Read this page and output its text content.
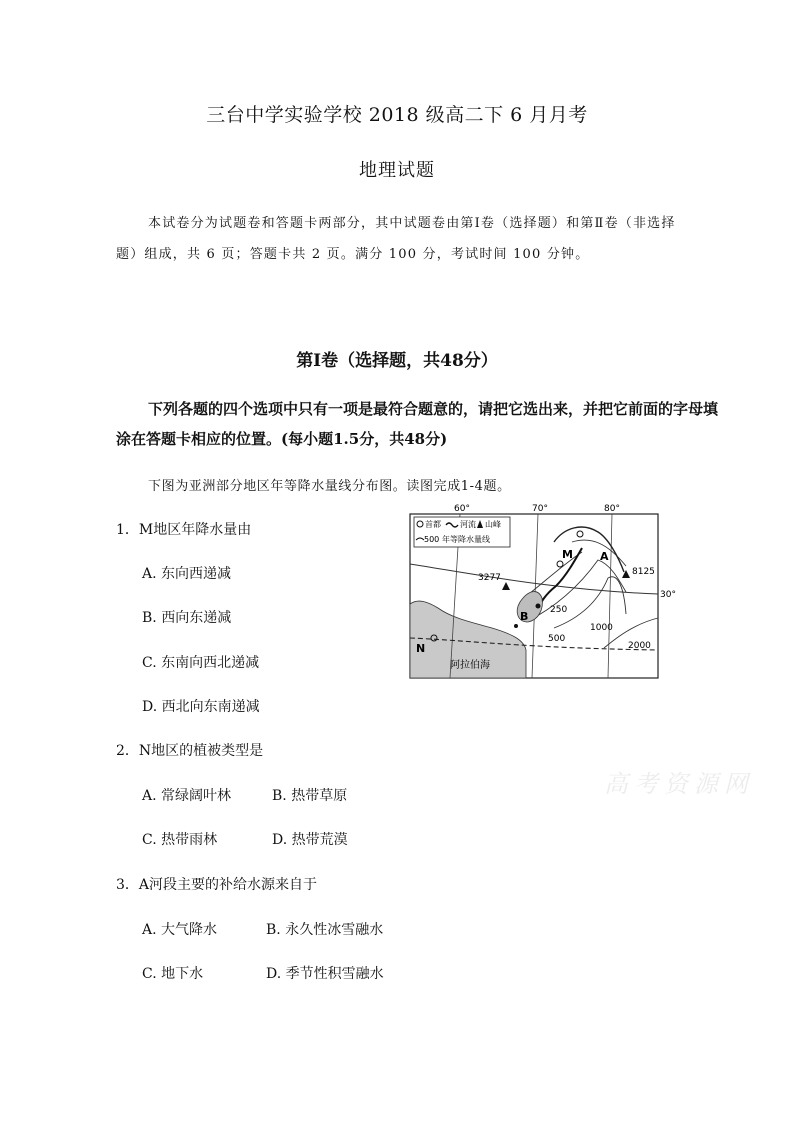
三台中学实验学校 2018 级高二下 6 月月考
地理试题
本试卷分为试题卷和答题卡两部分，其中试题卷由第Ⅰ卷（选择题）和第Ⅱ卷（非选择
题）组成，共 6 页；答题卡共 2 页。满分 100 分，考试时间 100 分钟。
第Ⅰ卷（选择题，共48分）
下列各题的四个选项中只有一项是最符合题意的，请把它选出来，并把它前面的字母填
涂在答题卡相应的位置。(每小题1.5分，共48分)
下图为亚洲部分地区年等降水量线分布图。读图完成1-4题。
1．M地区年降水量由
A. 东向西递减
B. 西向东递减
C. 东南向西北递减
D. 西北向东南递减
2．N地区的植被类型是
A. 常绿阔叶林	B. 热带草原
C. 热带雨林	D. 热带荒漠
3．A河段主要的补给水源来自于
A. 大气降水	B. 永久性冰雪融水
C. 地下水	D. 季节性积雪融水
高考资源网
60°	70°	80°
30°
3277
8125
250
500
1000
2000
M A
B
N
阿拉伯海
首都 河流 山峰
500 年等降水量线
